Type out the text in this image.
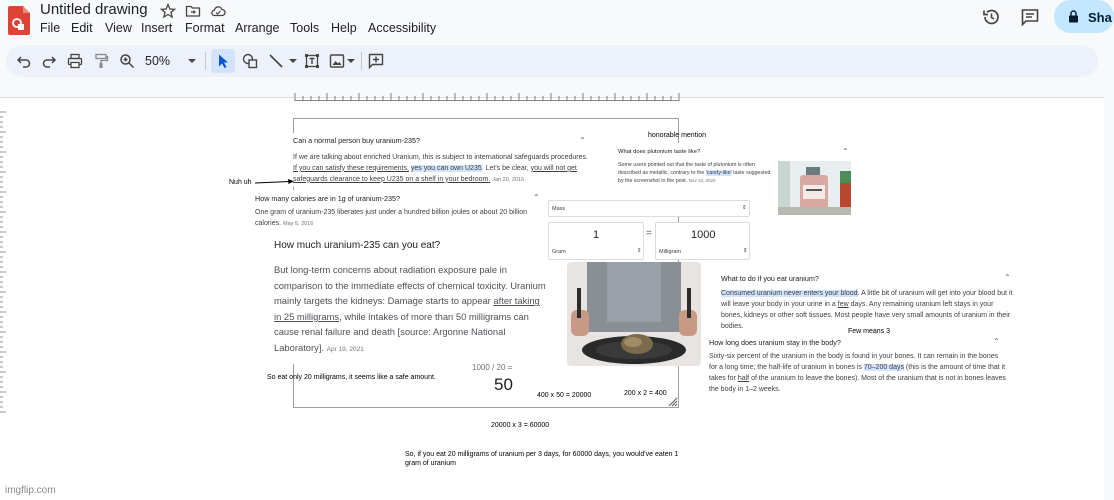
Untitled drawing
File Edit View Insert Format Arrange Tools Help Accessibility
Sha
50%
Can a normal person buy uranium-235?	⌃
If we are talking about enriched Uranium, this is subject to international safeguards procedures. If you can satisfy these requirements, yes you can own U235. Let's be clear, you will not get safeguards clearance to keep U235 on a shelf in your bedroom. Jan 20, 2016
Nuh uh
How many calories are in 1g of uranium-235?	⌃
One gram of uranium-235 liberates just under a hundred billion joules or about 20 billion calories. May 5, 2016
How much uranium-235 can you eat?
But long-term concerns about radiation exposure pale in comparison to the immediate effects of chemical toxicity. Uranium mainly targets the kidneys: Damage starts to appear after taking in 25 milligrams, while intakes of more than 50 milligrams can cause renal failure and death [source: Argonne National Laboratory]. Apr 19, 2021
honorable mention
What does plutonium taste like?	⌃
Some users pointed out that the taste of plutonium is often described as metallic, contrary to the 'candy-like' taste suggested by the screenshot in the post. Nov 10, 2020
Mass	⇕
1
Gram	⇕
=	1000
Milligram	⇕
What to do if you eat uranium?	⌃
Consumed uranium never enters your blood. A little bit of uranium will get into your blood but it will leave your body in your urine in a few days. Any remaining uranium left stays in your bones, kidneys or other soft tissues. Most people have very small amounts of uranium in their bodies.
Few means 3
How long does uranium stay in the body?	⌃
Sixty-six percent of the uranium in the body is found in your bones. It can remain in the bones for a long time; the half-life of uranium in bones is 70–200 days (this is the amount of time that it takes for half of the uranium to leave the bones). Most of the uranium that is not in bones leaves the body in 1–2 weeks.
So eat only 20 milligrams, it seems like a safe amount.
1000 / 20 =
50
400 x 50 = 20000	200 x 2 = 400
20000 x 3 = 60000
So, if you eat 20 milligrams of uranium per 3 days, for 60000 days, you would've eaten 1 gram of uranium
imgflip.com
